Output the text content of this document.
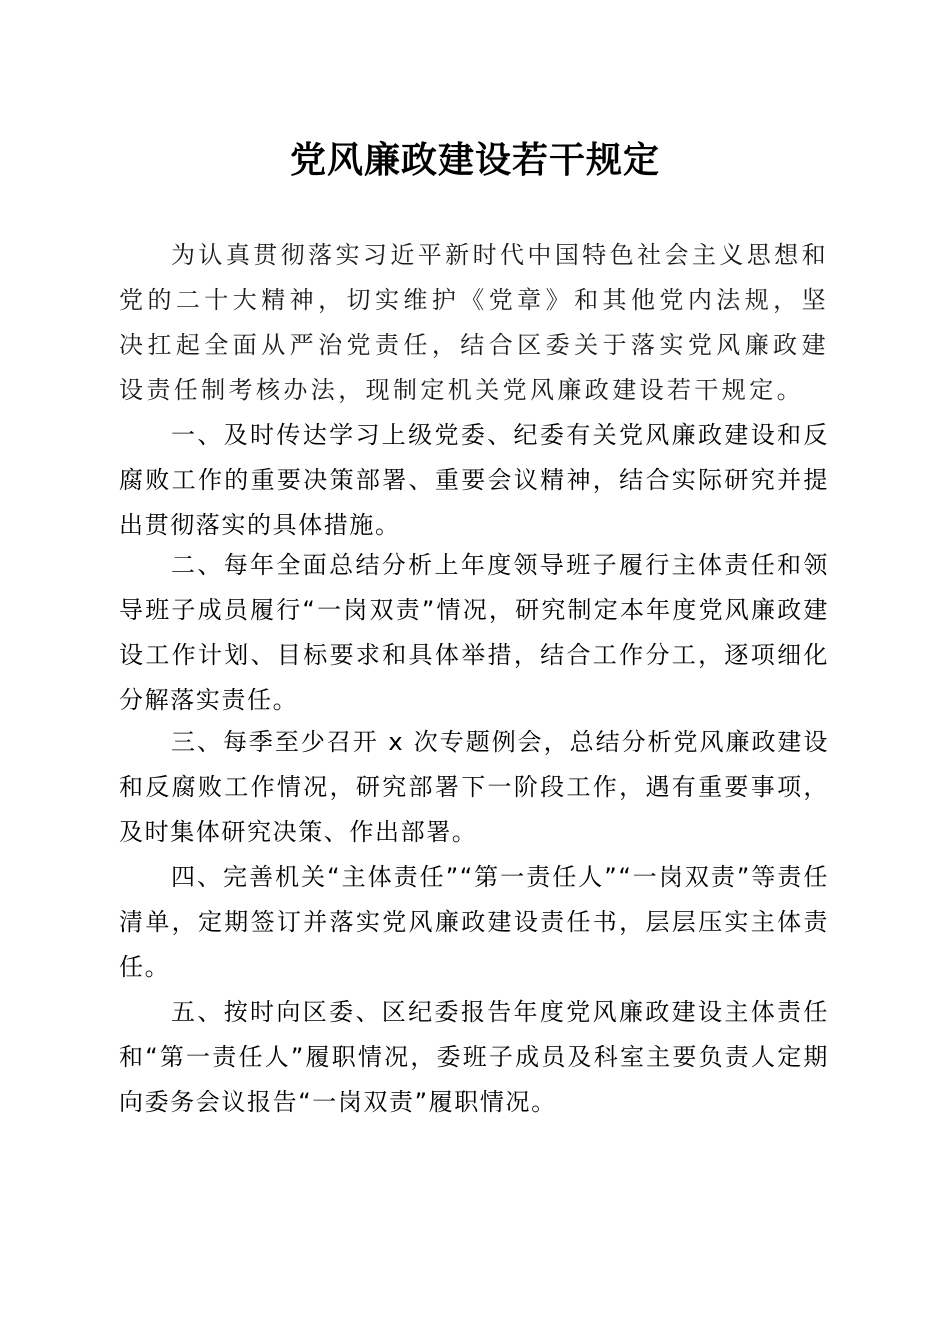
党风廉政建设若干规定

为认真贯彻落实习近平新时代中国特色社会主义思想和党的二十大精神，切实维护《党章》和其他党内法规，坚决扛起全面从严治党责任，结合区委关于落实党风廉政建设责任制考核办法，现制定机关党风廉政建设若干规定。

一、及时传达学习上级党委、纪委有关党风廉政建设和反腐败工作的重要决策部署、重要会议精神，结合实际研究并提出贯彻落实的具体措施。

二、每年全面总结分析上年度领导班子履行主体责任和领导班子成员履行“一岗双责”情况，研究制定本年度党风廉政建设工作计划、目标要求和具体举措，结合工作分工，逐项细化分解落实责任。

三、每季至少召开 x 次专题例会，总结分析党风廉政建设和反腐败工作情况，研究部署下一阶段工作，遇有重要事项，及时集体研究决策、作出部署。

四、完善机关“主体责任”“第一责任人”“一岗双责”等责任清单，定期签订并落实党风廉政建设责任书，层层压实主体责任。

五、按时向区委、区纪委报告年度党风廉政建设主体责任和“第一责任人”履职情况，委班子成员及科室主要负责人定期向委务会议报告“一岗双责”履职情况。
